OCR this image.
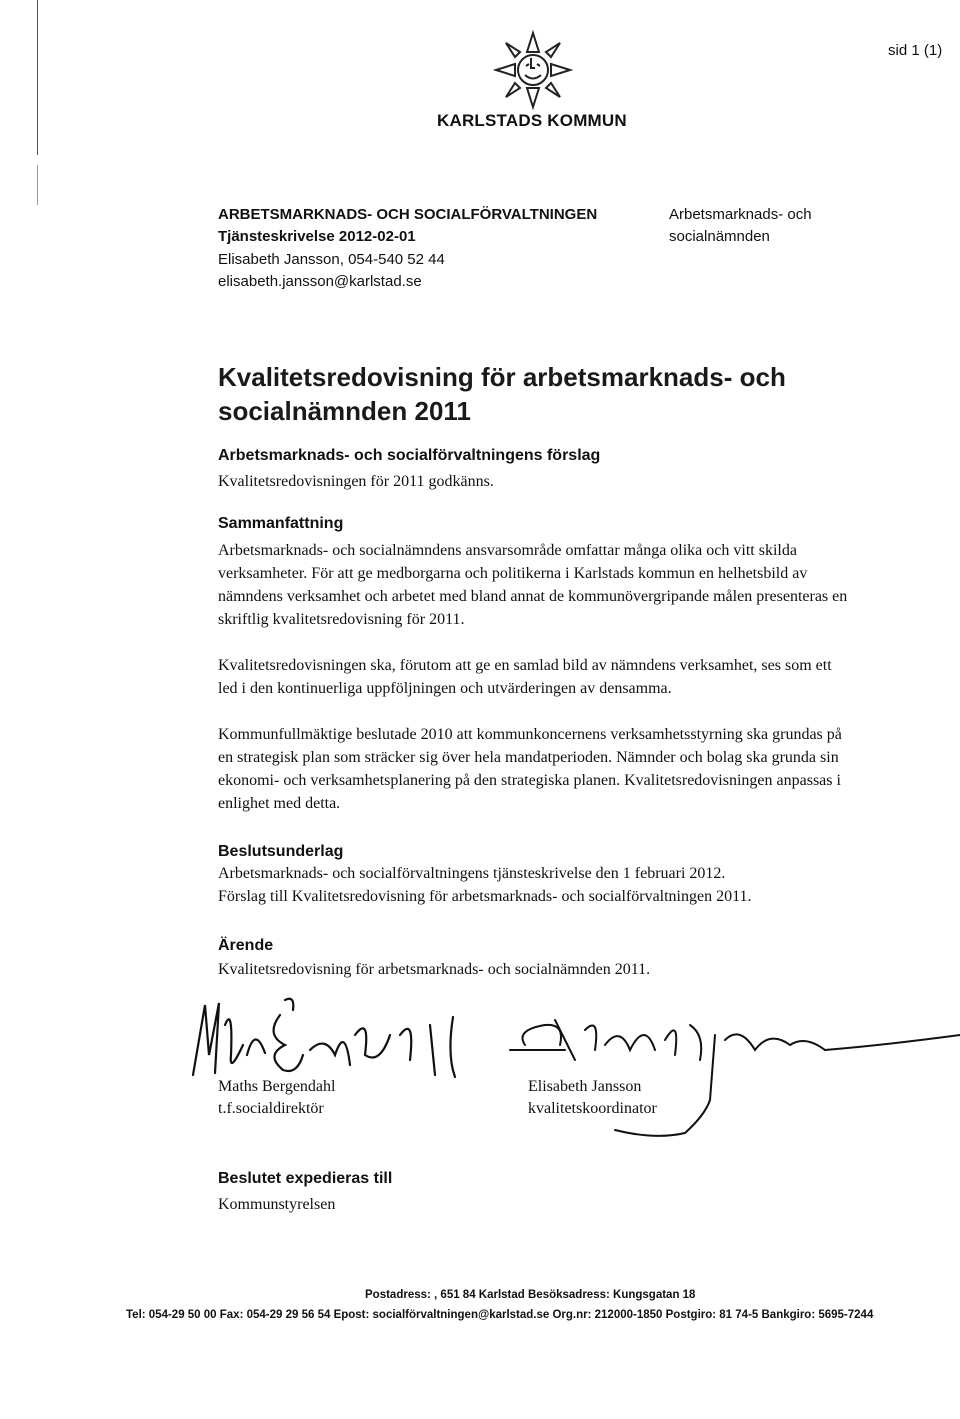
sid 1 (1)
KARLSTADS KOMMUN
ARBETSMARKNADS- OCH SOCIALFÖRVALTNINGEN
Tjänsteskrivelse 2012-02-01
Elisabeth Jansson, 054-540 52 44
elisabeth.jansson@karlstad.se
Arbetsmarknads- och
socialnämnden
Kvalitetsredovisning för arbetsmarknads- och
socialnämnden 2011
Arbetsmarknads- och socialförvaltningens förslag
Kvalitetsredovisningen för 2011 godkänns.
Sammanfattning

Arbetsmarknads- och socialnämndens ansvarsområde omfattar många olika och vitt skilda verksamheter. För att ge medborgarna och politikerna i Karlstads kommun en helhetsbild av nämndens verksamhet och arbetet med bland annat de kommunövergripande målen presenteras en skriftlig kvalitetsredovisning för 2011.

Kvalitetsredovisningen ska, förutom att ge en samlad bild av nämndens verksamhet, ses som ett led i den kontinuerliga uppföljningen och utvärderingen av densamma.

Kommunfullmäktige beslutade 2010 att kommunkoncernens verksamhetsstyrning ska grundas på en strategisk plan som sträcker sig över hela mandatperioden. Nämnder och bolag ska grunda sin ekonomi- och verksamhetsplanering på den strategiska planen. Kvalitetsredovisningen anpassas i enlighet med detta.

Beslutsunderlag

Arbetsmarknads- och socialförvaltningens tjänsteskrivelse den 1 februari 2012.

Förslag till Kvalitetsredovisning för arbetsmarknads- och socialförvaltningen 2011.

Ärende
Kvalitetsredovisning för arbetsmarknads- och socialnämnden 2011.
Maths Bergendahl
t.f.socialdirektör
Elisabeth Jansson
kvalitetskoordinator
Beslutet expedieras till
Kommunstyrelsen
Postadress: , 651 84 Karlstad Besöksadress: Kungsgatan 18
Tel: 054-29 50 00 Fax: 054-29 29 56 54 Epost: socialförvaltningen@karlstad.se Org.nr: 212000-1850 Postgiro: 81 74-5 Bankgiro: 5695-7244
